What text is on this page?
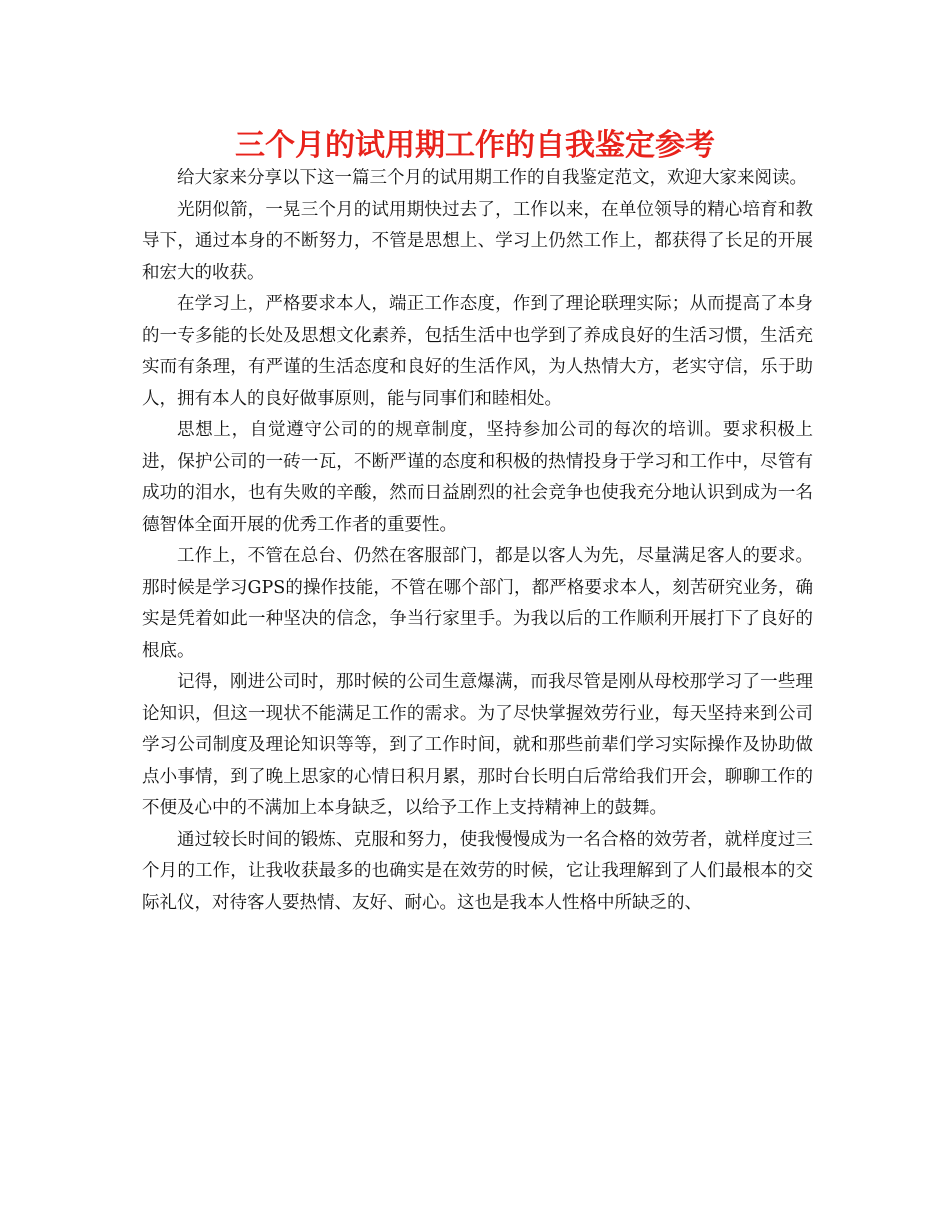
三个月的试用期工作的自我鉴定参考

给大家来分享以下这一篇三个月的试用期工作的自我鉴定范文，欢迎大家来阅读。

光阴似箭，一晃三个月的试用期快过去了，工作以来，在单位领导的精心培育和教导下，通过本身的不断努力，不管是思想上、学习上仍然工作上，都获得了长足的开展和宏大的收获。

在学习上，严格要求本人，端正工作态度，作到了理论联理实际；从而提高了本身的一专多能的长处及思想文化素养，包括生活中也学到了养成良好的生活习惯，生活充实而有条理，有严谨的生活态度和良好的生活作风，为人热情大方，老实守信，乐于助人，拥有本人的良好做事原则，能与同事们和睦相处。

思想上，自觉遵守公司的的规章制度，坚持参加公司的每次的培训。要求积极上进，保护公司的一砖一瓦，不断严谨的态度和积极的热情投身于学习和工作中，尽管有成功的泪水，也有失败的辛酸，然而日益剧烈的社会竞争也使我充分地认识到成为一名德智体全面开展的优秀工作者的重要性。

工作上，不管在总台、仍然在客服部门，都是以客人为先，尽量满足客人的要求。那时候是学习GPS的操作技能，不管在哪个部门，都严格要求本人，刻苦研究业务，确实是凭着如此一种坚决的信念，争当行家里手。为我以后的工作顺利开展打下了良好的根底。

记得，刚进公司时，那时候的公司生意爆满，而我尽管是刚从母校那学习了一些理论知识，但这一现状不能满足工作的需求。为了尽快掌握效劳行业，每天坚持来到公司学习公司制度及理论知识等等，到了工作时间，就和那些前辈们学习实际操作及协助做点小事情，到了晚上思家的心情日积月累，那时台长明白后常给我们开会，聊聊工作的不便及心中的不满加上本身缺乏，以给予工作上支持精神上的鼓舞。

通过较长时间的锻炼、克服和努力，使我慢慢成为一名合格的效劳者，就样度过三个月的工作，让我收获最多的也确实是在效劳的时候，它让我理解到了人们最根本的交际礼仪，对待客人要热情、友好、耐心。这也是我本人性格中所缺乏的、
